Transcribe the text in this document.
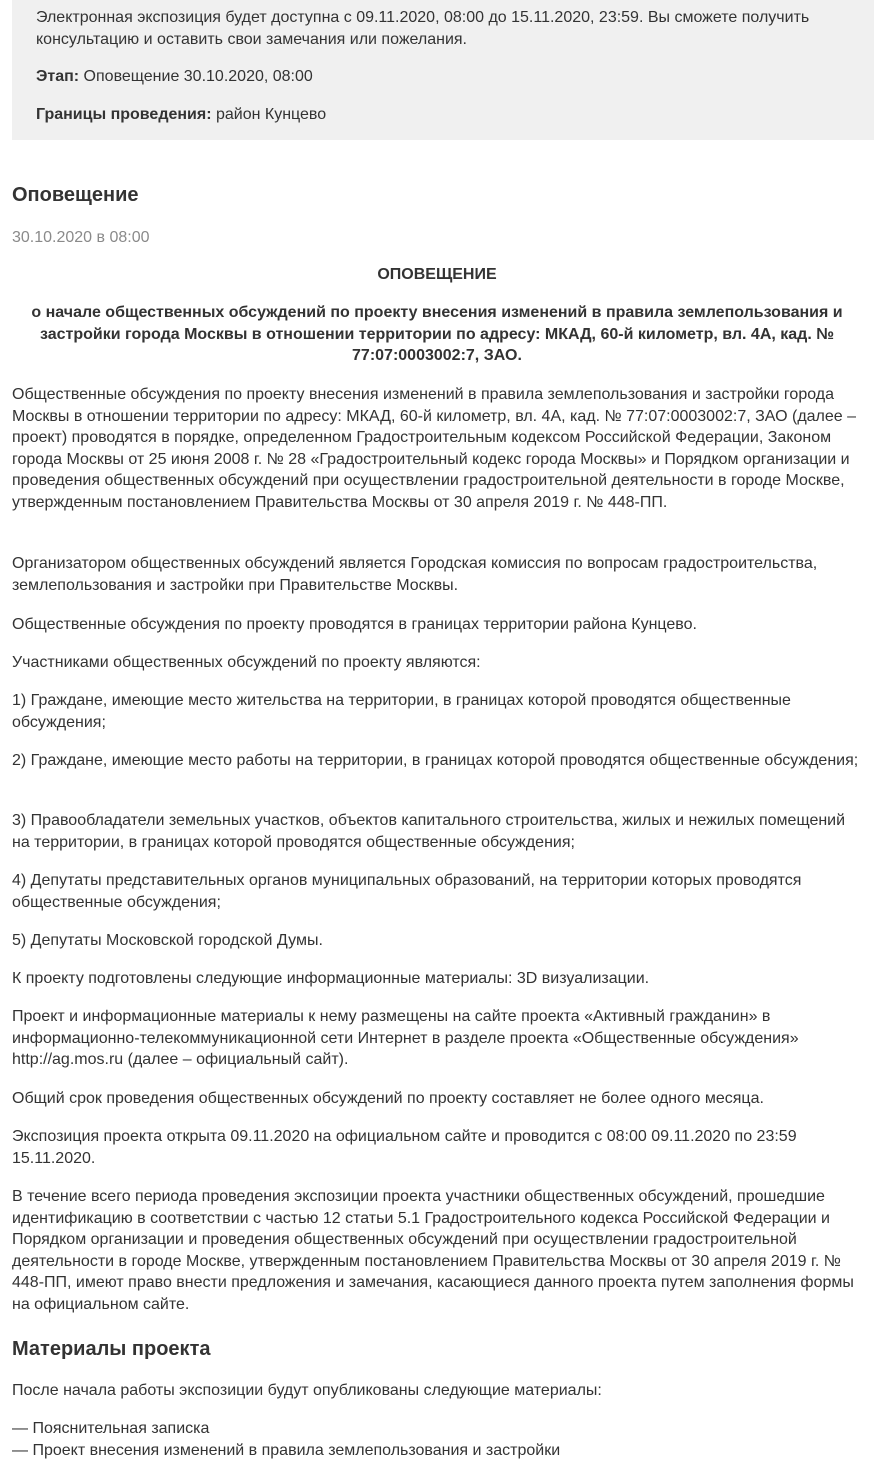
Электронная экспозиция будет доступна с 09.11.2020, 08:00 до 15.11.2020, 23:59. Вы сможете получить консультацию и оставить свои замечания или пожелания.

Этап: Оповещение 30.10.2020, 08:00

Границы проведения: район Кунцево

Оповещение
30.10.2020 в 08:00

ОПОВЕЩЕНИЕ

о начале общественных обсуждений по проекту внесения изменений в правила землепользования и застройки города Москвы в отношении территории по адресу: МКАД, 60-й километр, вл. 4А, кад. № 77:07:0003002:7, ЗАО.

Общественные обсуждения по проекту внесения изменений в правила землепользования и застройки города Москвы в отношении территории по адресу: МКАД, 60-й километр, вл. 4А, кад. № 77:07:0003002:7, ЗАО (далее – проект) проводятся в порядке, определенном Градостроительным кодексом Российской Федерации, Законом города Москвы от 25 июня 2008 г. № 28 «Градостроительный кодекс города Москвы» и Порядком организации и проведения общественных обсуждений при осуществлении градостроительной деятельности в городе Москве, утвержденным постановлением Правительства Москвы от 30 апреля 2019 г. № 448-ПП.

Организатором общественных обсуждений является Городская комиссия по вопросам градостроительства, землепользования и застройки при Правительстве Москвы.

Общественные обсуждения по проекту проводятся в границах территории района Кунцево.

Участниками общественных обсуждений по проекту являются:

1) Граждане, имеющие место жительства на территории, в границах которой проводятся общественные обсуждения;

2) Граждане, имеющие место работы на территории, в границах которой проводятся общественные обсуждения;

3) Правообладатели земельных участков, объектов капитального строительства, жилых и нежилых помещений на территории, в границах которой проводятся общественные обсуждения;

4) Депутаты представительных органов муниципальных образований, на территории которых проводятся общественные обсуждения;

5) Депутаты Московской городской Думы.

К проекту подготовлены следующие информационные материалы: 3D визуализации.

Проект и информационные материалы к нему размещены на сайте проекта «Активный гражданин» в информационно-телекоммуникационной сети Интернет в разделе проекта «Общественные обсуждения» http://ag.mos.ru (далее – официальный сайт).

Общий срок проведения общественных обсуждений по проекту составляет не более одного месяца.

Экспозиция проекта открыта 09.11.2020 на официальном сайте и проводится с 08:00 09.11.2020 по 23:59 15.11.2020.

В течение всего периода проведения экспозиции проекта участники общественных обсуждений, прошедшие идентификацию в соответствии с частью 12 статьи 5.1 Градостроительного кодекса Российской Федерации и Порядком организации и проведения общественных обсуждений при осуществлении градостроительной деятельности в городе Москве, утвержденным постановлением Правительства Москвы от 30 апреля 2019 г. № 448-ПП, имеют право внести предложения и замечания, касающиеся данного проекта путем заполнения формы на официальном сайте.

Материалы проекта

После начала работы экспозиции будут опубликованы следующие материалы:

— Пояснительная записка

— Проект внесения изменений в правила землепользования и застройки
